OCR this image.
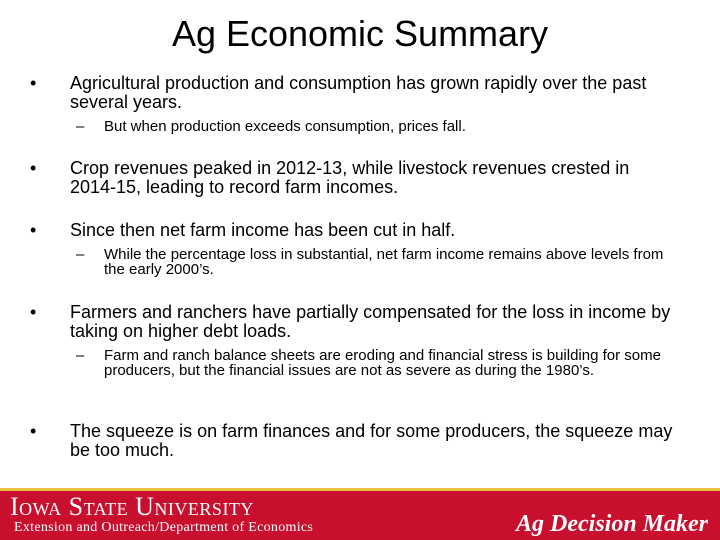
Ag Economic Summary
• Agricultural production and consumption has grown rapidly over the past several years.
– But when production exceeds consumption, prices fall.
• Crop revenues peaked in 2012-13, while livestock revenues crested in 2014-15, leading to record farm incomes.
• Since then net farm income has been cut in half.
– While the percentage loss in substantial, net farm income remains above levels from the early 2000’s.
• Farmers and ranchers have partially compensated for the loss in income by taking on higher debt loads.
– Farm and ranch balance sheets are eroding and financial stress is building for some producers, but the financial issues are not as severe as during the 1980’s.
• The squeeze is on farm finances and for some producers, the squeeze may be too much.
Iowa State University
Extension and Outreach/Department of Economics	Ag Decision Maker
